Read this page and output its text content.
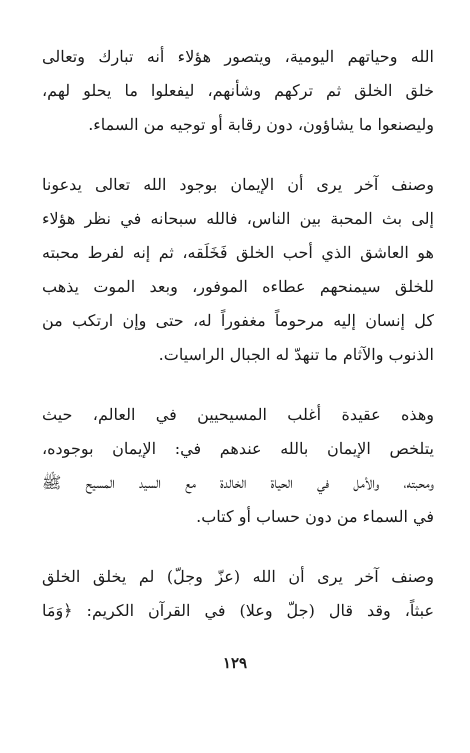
الله وحياتهم اليومية، ويتصور هؤلاء أنه تبارك وتعالى
خلق الخلق ثم تركهم وشأنهم، ليفعلوا ما يحلو لهم،
وليصنعوا ما يشاؤون، دون رقابة أو توجيه من السماء.
وصنف آخر يرى أن الإيمان بوجود الله تعالى يدعونا
إلى بث المحبة بين الناس، فالله سبحانه في نظر هؤلاء
هو العاشق الذي أحب الخلق فَخَلَقه، ثم إنه لفرط محبته
للخلق سيمنحهم عطاءه الموفور، وبعد الموت يذهب
كل إنسان إليه مرحوماً مغفوراً له، حتى وإن ارتكب من
الذنوب والآثام ما تنهدّ له الجبال الراسيات.
وهذه عقيدة أغلب المسيحيين في العالم، حيث
يتلخص الإيمان بالله عندهم في: الإيمان بوجوده،
ومحبته، والأمل في الحياة الخالدة مع السيد المسيح ﷺ
في السماء من دون حساب أو كتاب.
وصنف آخر يرى أن الله (عزّ وجلّ) لم يخلق الخلق
عبثاً، وقد قال (جلّ وعلا) في القرآن الكريم: ﴿وَمَا
١٢٩
